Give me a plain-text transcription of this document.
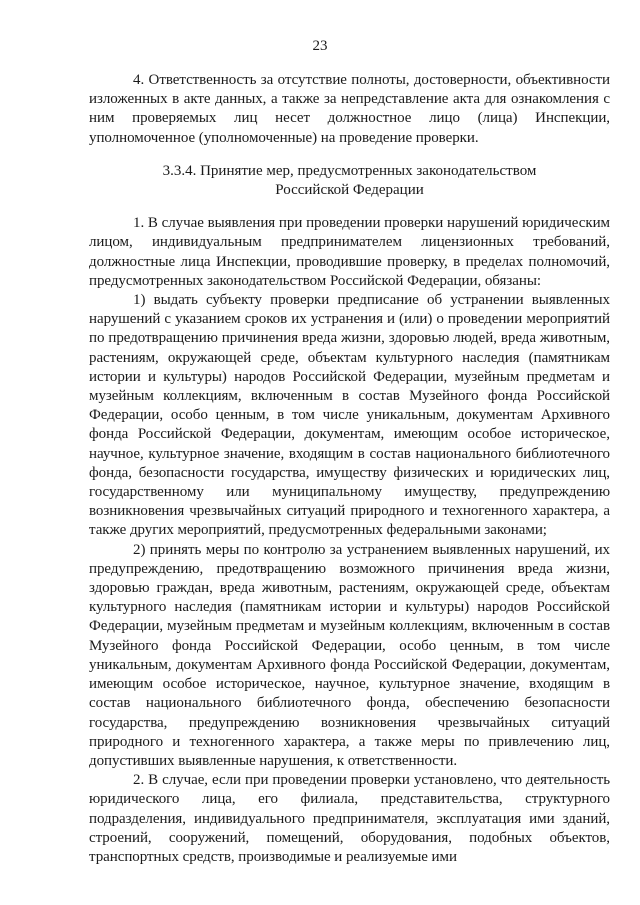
23

4. Ответственность за отсутствие полноты, достоверности, объективности изложенных в акте данных, а также за непредставление акта для ознакомления с ним проверяемых лиц несет должностное лицо (лица) Инспекции, уполномоченное (уполномоченные) на проведение проверки.

3.3.4. Принятие мер, предусмотренных законодательством
Российской Федерации

1. В случае выявления при проведении проверки нарушений юридическим лицом, индивидуальным предпринимателем лицензионных требований, должностные лица Инспекции, проводившие проверку, в пределах полномочий, предусмотренных законодательством Российской Федерации, обязаны:

1) выдать субъекту проверки предписание об устранении выявленных нарушений с указанием сроков их устранения и (или) о проведении мероприятий по предотвращению причинения вреда жизни, здоровью людей, вреда животным, растениям, окружающей среде, объектам культурного наследия (памятникам истории и культуры) народов Российской Федерации, музейным предметам и музейным коллекциям, включенным в состав Музейного фонда Российской Федерации, особо ценным, в том числе уникальным, документам Архивного фонда Российской Федерации, документам, имеющим особое историческое, научное, культурное значение, входящим в состав национального библиотечного фонда, безопасности государства, имуществу физических и юридических лиц, государственному или муниципальному имуществу, предупреждению возникновения чрезвычайных ситуаций природного и техногенного характера, а также других мероприятий, предусмотренных федеральными законами;

2) принять меры по контролю за устранением выявленных нарушений, их предупреждению, предотвращению возможного причинения вреда жизни, здоровью граждан, вреда животным, растениям, окружающей среде, объектам культурного наследия (памятникам истории и культуры) народов Российской Федерации, музейным предметам и музейным коллекциям, включенным в состав Музейного фонда Российской Федерации, особо ценным, в том числе уникальным, документам Архивного фонда Российской Федерации, документам, имеющим особое историческое, научное, культурное значение, входящим в состав национального библиотечного фонда, обеспечению безопасности государства, предупреждению возникновения чрезвычайных ситуаций природного и техногенного характера, а также меры по привлечению лиц, допустивших выявленные нарушения, к ответственности.

2. В случае, если при проведении проверки установлено, что деятельность юридического лица, его филиала, представительства, структурного подразделения, индивидуального предпринимателя, эксплуатация ими зданий, строений, сооружений, помещений, оборудования, подобных объектов, транспортных средств, производимые и реализуемые ими
